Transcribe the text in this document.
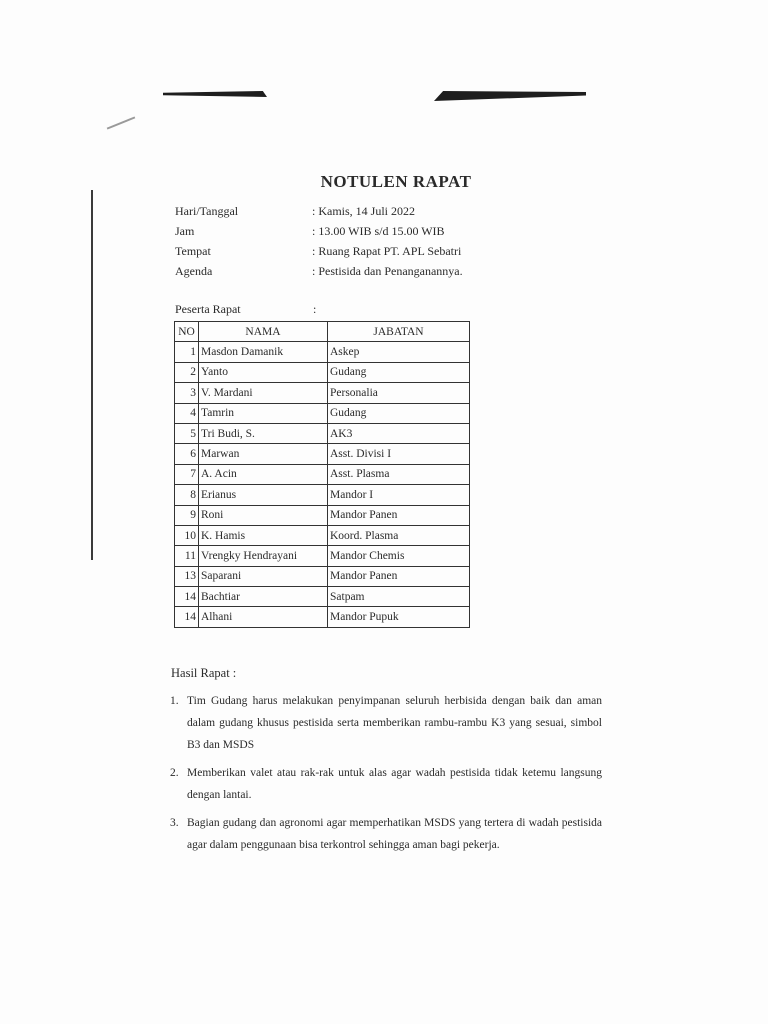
NOTULEN RAPAT
Hari/Tanggal	: Kamis, 14 Juli 2022
Jam	: 13.00 WIB s/d 15.00 WIB
Tempat	: Ruang Rapat PT. APL Sebatri
Agenda	: Pestisida dan Penanganannya.
Peserta Rapat	:
NO	NAMA	JABATAN
1	Masdon Damanik	Askep
2	Yanto	Gudang
3	V. Mardani	Personalia
4	Tamrin	Gudang
5	Tri Budi, S.	AK3
6	Marwan	Asst. Divisi I
7	A. Acin	Asst. Plasma
8	Erianus	Mandor I
9	Roni	Mandor Panen
10	K. Hamis	Koord. Plasma
11	Vrengky Hendrayani	Mandor Chemis
13	Saparani	Mandor Panen
14	Bachtiar	Satpam
14	Alhani	Mandor Pupuk
Hasil Rapat :
1. Tim Gudang harus melakukan penyimpanan seluruh herbisida dengan baik dan aman dalam gudang khusus pestisida serta memberikan rambu-rambu K3 yang sesuai, simbol B3 dan MSDS
2. Memberikan valet atau rak-rak untuk alas agar wadah pestisida tidak ketemu langsung dengan lantai.
3. Bagian gudang dan agronomi agar memperhatikan MSDS yang tertera di wadah pestisida agar dalam penggunaan bisa terkontrol sehingga aman bagi pekerja.
